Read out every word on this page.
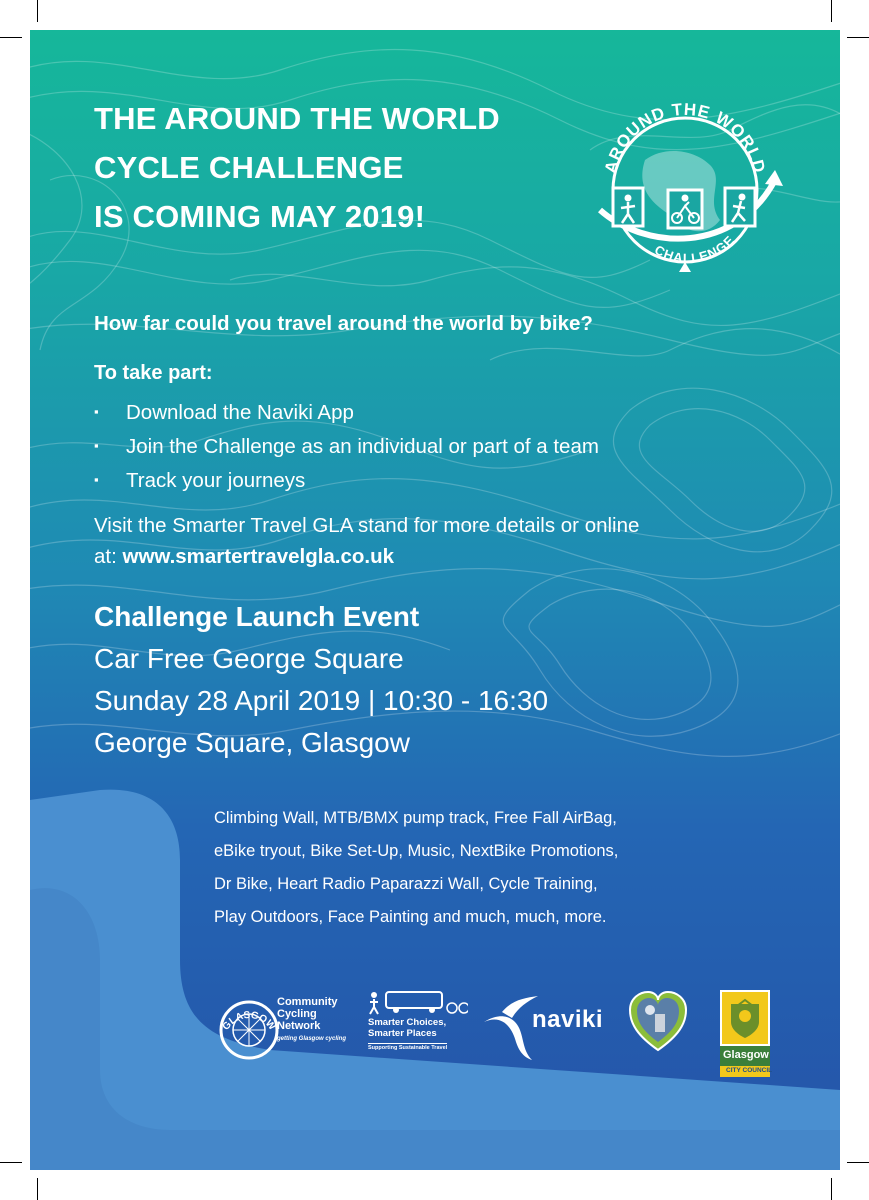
THE AROUND THE WORLD
CYCLE CHALLENGE
IS COMING MAY 2019!
AROUND THE WORLD
CHALLENGE
How far could you travel around the world by bike?
To take part:
▪ Download the Naviki App
▪ Join the Challenge as an individual or part of a team
▪ Track your journeys
Visit the Smarter Travel GLA stand for more details or online
at: www.smartertravelgla.co.uk
Challenge Launch Event
Car Free George Square
Sunday 28 April 2019 | 10:30 - 16:30
George Square, Glasgow
Climbing Wall, MTB/BMX pump track, Free Fall AirBag,
eBike tryout, Bike Set-Up, Music, NextBike Promotions,
Dr Bike, Heart Radio Paparazzi Wall, Cycle Training,
Play Outdoors, Face Painting and much, much, more.
GLASGOW
Community
Cycling
Network
getting Glasgow cycling
Smarter Choices,
Smarter Places
Supporting Sustainable Travel
naviki
Glasgow
CITY COUNCIL
